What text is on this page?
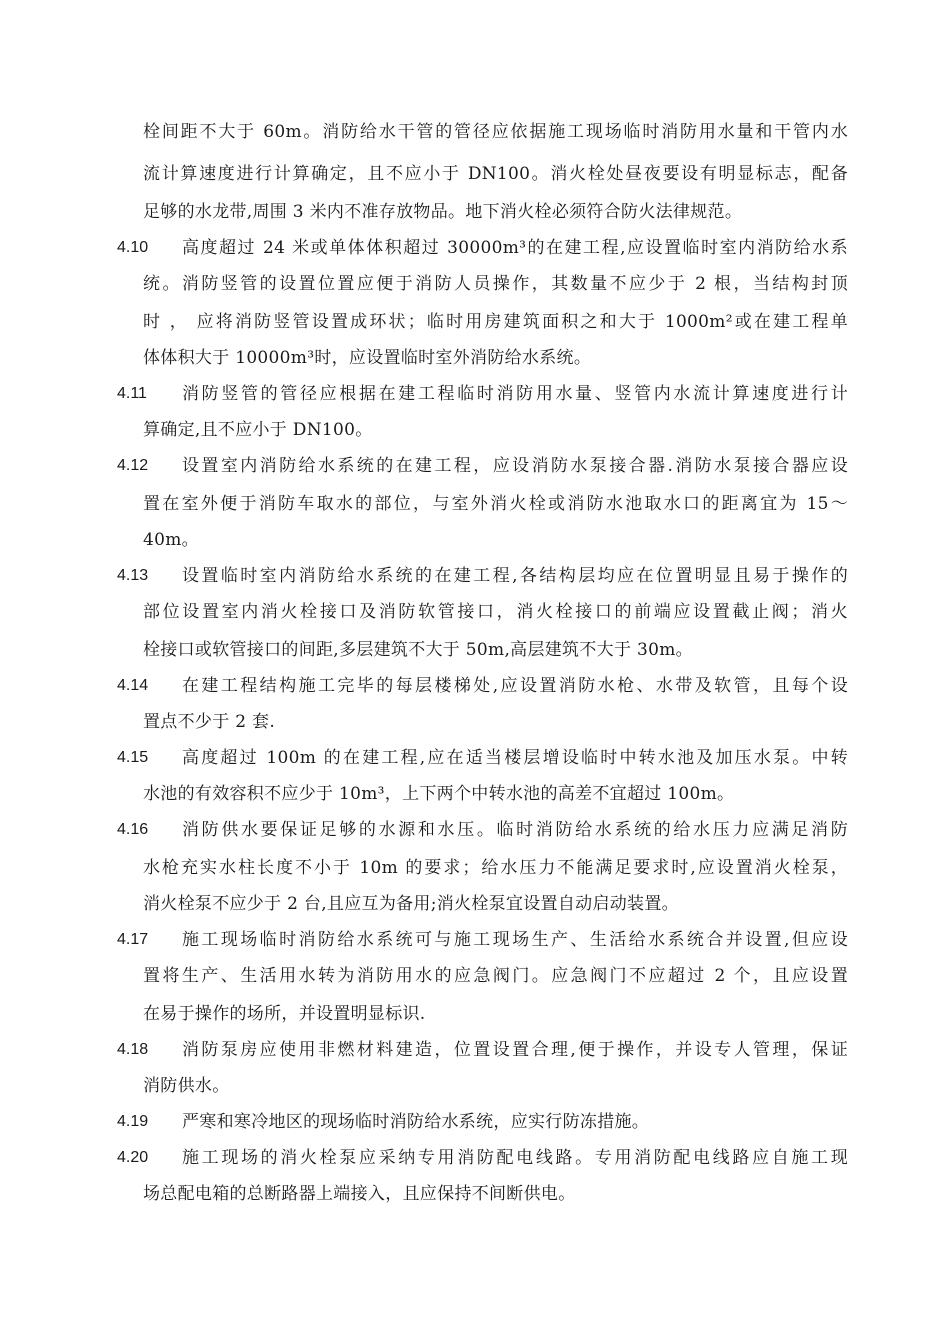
栓间距不大于 60m。消防给水干管的管径应依据施工现场临时消防用水量和干管内水
流计算速度进行计算确定，且不应小于 DN100。消火栓处昼夜要设有明显标志，配备
足够的水龙带,周围 3 米内不准存放物品。地下消火栓必须符合防火法律规范。
4.10 高度超过 24 米或单体体积超过 30000m³的在建工程,应设置临时室内消防给水系
统。消防竖管的设置位置应便于消防人员操作，其数量不应少于 2 根，当结构封顶
时 ， 应将消防竖管设置成环状；临时用房建筑面积之和大于 1000m²或在建工程单
体体积大于 10000m³时，应设置临时室外消防给水系统。
4.11 消防竖管的管径应根据在建工程临时消防用水量、竖管内水流计算速度进行计
算确定,且不应小于 DN100。
4.12 设置室内消防给水系统的在建工程，应设消防水泵接合器.消防水泵接合器应设
置在室外便于消防车取水的部位，与室外消火栓或消防水池取水口的距离宜为 15～
40m。
4.13 设置临时室内消防给水系统的在建工程,各结构层均应在位置明显且易于操作的
部位设置室内消火栓接口及消防软管接口，消火栓接口的前端应设置截止阀；消火
栓接口或软管接口的间距,多层建筑不大于 50m,高层建筑不大于 30m。
4.14 在建工程结构施工完毕的每层楼梯处,应设置消防水枪、水带及软管，且每个设
置点不少于 2 套.
4.15 高度超过 100m 的在建工程,应在适当楼层增设临时中转水池及加压水泵。中转
水池的有效容积不应少于 10m³，上下两个中转水池的高差不宜超过 100m。
4.16 消防供水要保证足够的水源和水压。临时消防给水系统的给水压力应满足消防
水枪充实水柱长度不小于 10m 的要求；给水压力不能满足要求时,应设置消火栓泵，
消火栓泵不应少于 2 台,且应互为备用;消火栓泵宜设置自动启动装置。
4.17 施工现场临时消防给水系统可与施工现场生产、生活给水系统合并设置,但应设
置将生产、生活用水转为消防用水的应急阀门。应急阀门不应超过 2 个，且应设置
在易于操作的场所，并设置明显标识.
4.18 消防泵房应使用非燃材料建造，位置设置合理,便于操作，并设专人管理，保证
消防供水。
4.19 严寒和寒冷地区的现场临时消防给水系统，应实行防冻措施。
4.20 施工现场的消火栓泵应采纳专用消防配电线路。专用消防配电线路应自施工现
场总配电箱的总断路器上端接入，且应保持不间断供电。
